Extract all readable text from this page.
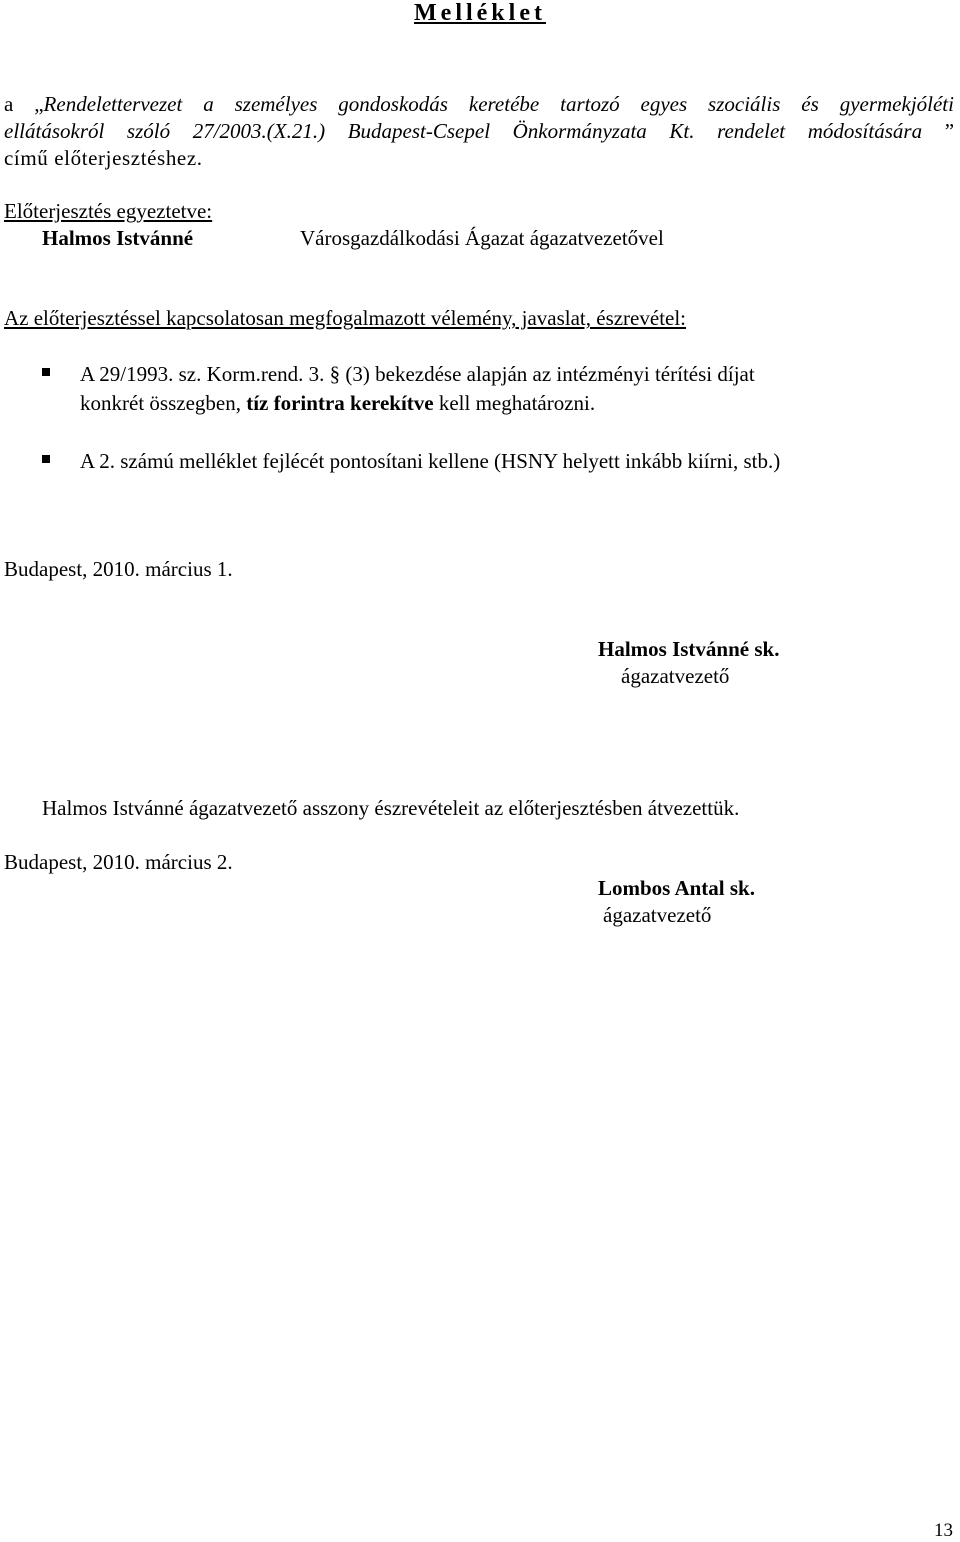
Melléklet
a „Rendelettervezet a személyes gondoskodás keretébe tartozó egyes szociális és gyermekjóléti
ellátásokról szóló 27/2003.(X.21.) Budapest-Csepel Önkormányzata Kt. rendelet módosítására ”
című előterjesztéshez.
Előterjesztés egyeztetve:
Halmos Istvánné	Városgazdálkodási Ágazat ágazatvezetővel
Az előterjesztéssel kapcsolatosan megfogalmazott vélemény, javaslat, észrevétel:
A 29/1993. sz. Korm.rend. 3. § (3) bekezdése alapján az intézményi térítési díjat
konkrét összegben, tíz forintra kerekítve kell meghatározni.
A 2. számú melléklet fejlécét pontosítani kellene (HSNY helyett inkább kiírni, stb.)
Budapest, 2010. március 1.
Halmos Istvánné sk.
ágazatvezető
Halmos Istvánné ágazatvezető asszony észrevételeit az előterjesztésben átvezettük.
Budapest, 2010. március 2.
Lombos Antal sk.
ágazatvezető
13
